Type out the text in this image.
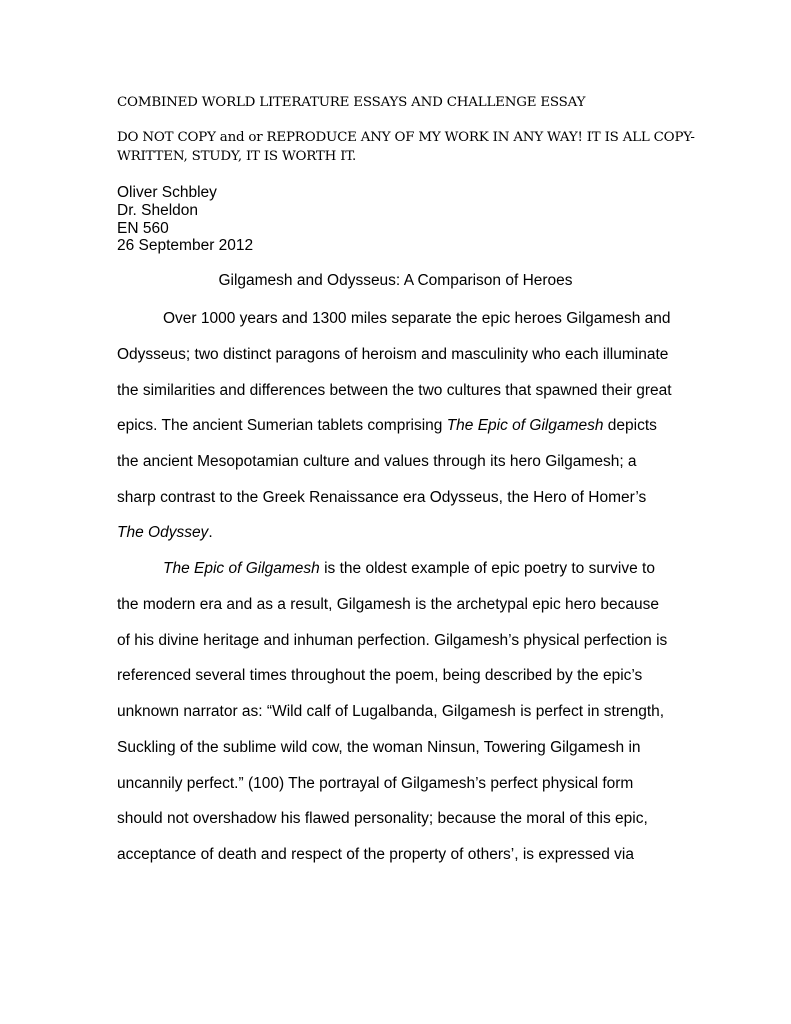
COMBINED WORLD LITERATURE ESSAYS AND CHALLENGE ESSAY
DO NOT COPY and or REPRODUCE ANY OF MY WORK IN ANY WAY! IT IS ALL COPY-
WRITTEN, STUDY, IT IS WORTH IT.
Oliver Schbley
Dr. Sheldon
EN 560
26 September 2012
Gilgamesh and Odysseus: A Comparison of Heroes
Over 1000 years and 1300 miles separate the epic heroes Gilgamesh and
Odysseus; two distinct paragons of heroism and masculinity who each illuminate
the similarities and differences between the two cultures that spawned their great
epics. The ancient Sumerian tablets comprising The Epic of Gilgamesh depicts
the ancient Mesopotamian culture and values through its hero Gilgamesh; a
sharp contrast to the Greek Renaissance era Odysseus, the Hero of Homer’s
The Odyssey.
The Epic of Gilgamesh is the oldest example of epic poetry to survive to
the modern era and as a result, Gilgamesh is the archetypal epic hero because
of his divine heritage and inhuman perfection. Gilgamesh’s physical perfection is
referenced several times throughout the poem, being described by the epic’s
unknown narrator as: “Wild calf of Lugalbanda, Gilgamesh is perfect in strength,
Suckling of the sublime wild cow, the woman Ninsun, Towering Gilgamesh in
uncannily perfect.” (100) The portrayal of Gilgamesh’s perfect physical form
should not overshadow his flawed personality; because the moral of this epic,
acceptance of death and respect of the property of others’, is expressed via
